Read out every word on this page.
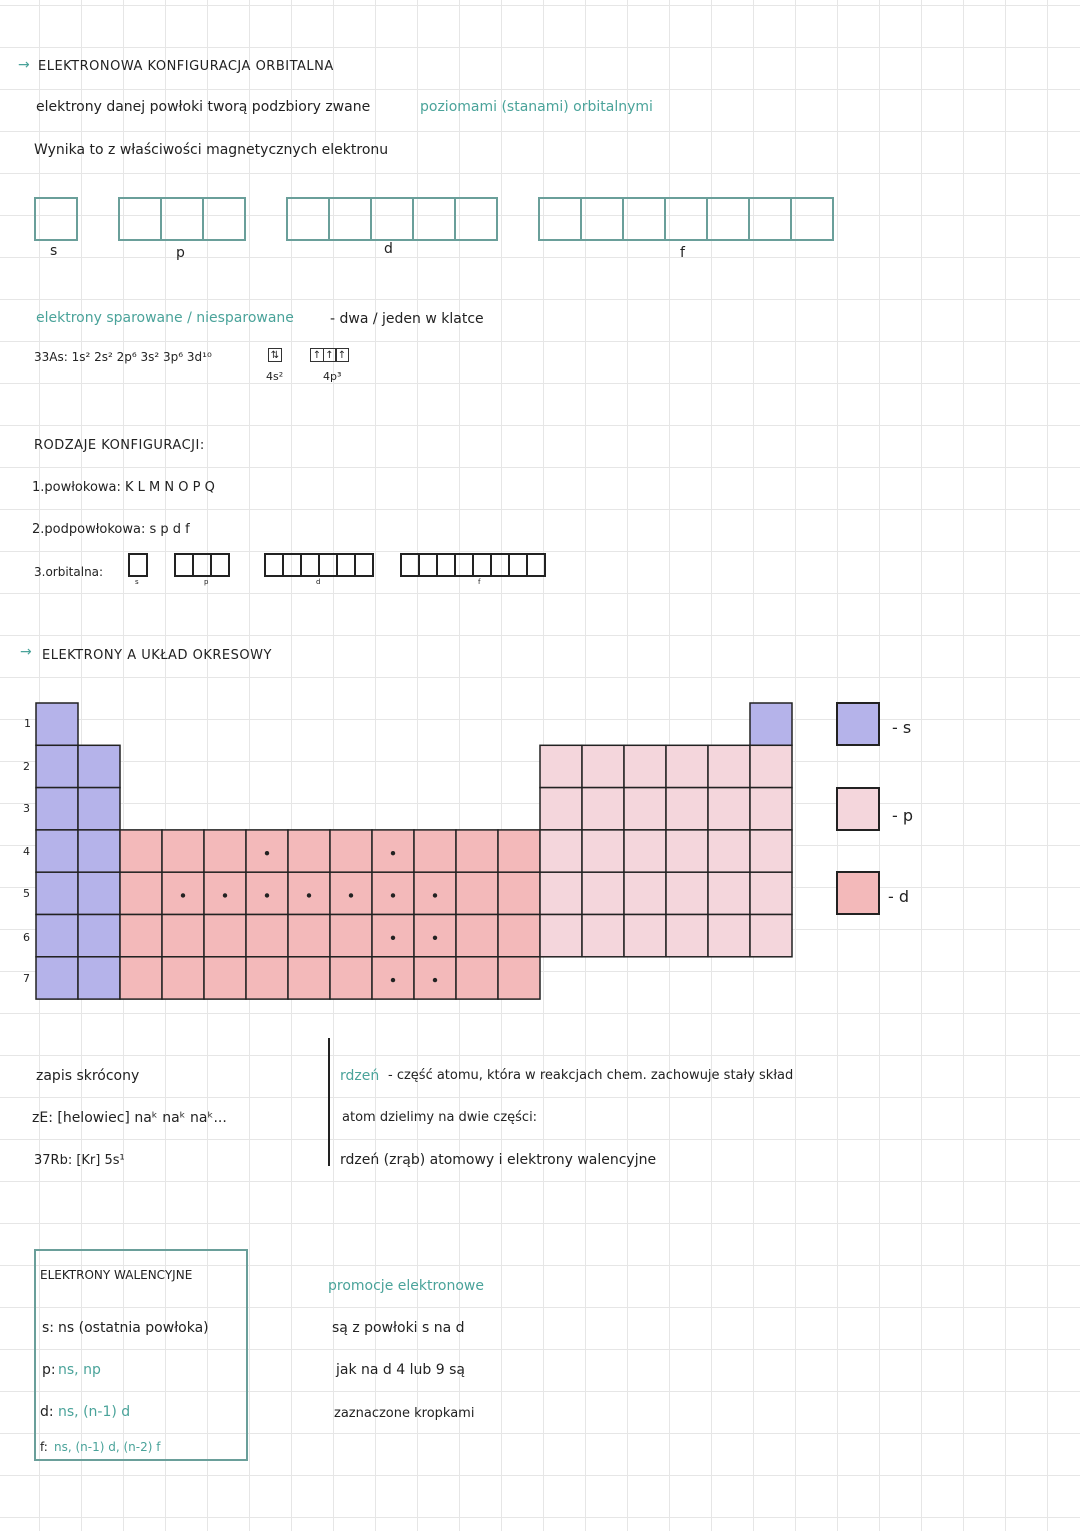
→ ELEKTRONOWA KONFIGURACJA ORBITALNA
elektrony danej powłoki tworą podzbiory zwane	poziomami (stanami) orbitalnymi
Wynika to z właściwości magnetycznych elektronu
s	p	d	f
elektrony sparowane / niesparowane	- dwa / jeden w klatce
33As: 1s² 2s² 2p⁶ 3s² 3p⁶ 3d¹⁰	⇅	↑ ↑ ↑
4s²	4p³
RODZAJE KONFIGURACJI:
1.powłokowa: K L M N O P Q
2.podpowłokowa: s p d f
3.orbitalna:
s	p	d	f
→ ELEKTRONY A UKŁAD OKRESOWY
1
2
3
4
5
6
7
- s
- p
- d
zapis skrócony
zE: [helowiec] naᵏ naᵏ naᵏ...
37Rb: [Kr] 5s¹
rdzeń - część atomu, która w reakcjach chem. zachowuje stały skład
atom dzielimy na dwie części:
rdzeń (zrąb) atomowy i elektrony walencyjne
ELEKTRONY WALENCYJNE
s: ns (ostatnia powłoka)
p: ns, np
d: ns, (n-1) d
f: ns, (n-1) d, (n-2) f
promocje elektronowe
są z powłoki s na d
jak na d 4 lub 9 są
zaznaczone kropkami
